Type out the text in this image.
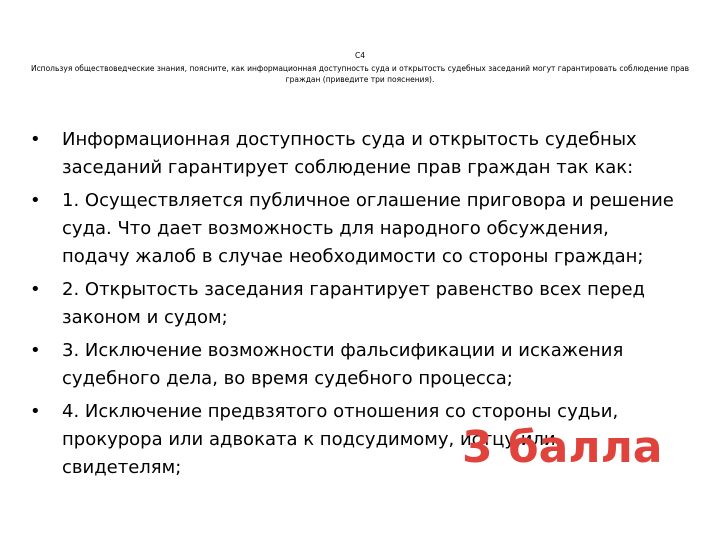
С4
Используя обществоведческие знания, поясните, как информационная доступность суда и открытость судебных заседаний могут гарантировать соблюдение прав граждан (приведите три пояснения).
•	Информационная доступность суда и открытость судебных
заседаний гарантирует соблюдение прав граждан так как:
•	1. Осуществляется публичное оглашение приговора и решение
суда. Что дает возможность для народного обсуждения,
подачу жалоб в случае необходимости со стороны граждан;
•	2. Открытость заседания гарантирует равенство всех перед
законом и судом;
•	3. Исключение возможности фальсификации и искажения
судебного дела, во время судебного процесса;
•	4. Исключение предвзятого отношения со стороны судьи,
прокурора или адвоката к подсудимому, истцу или
свидетелям;	3 балла
